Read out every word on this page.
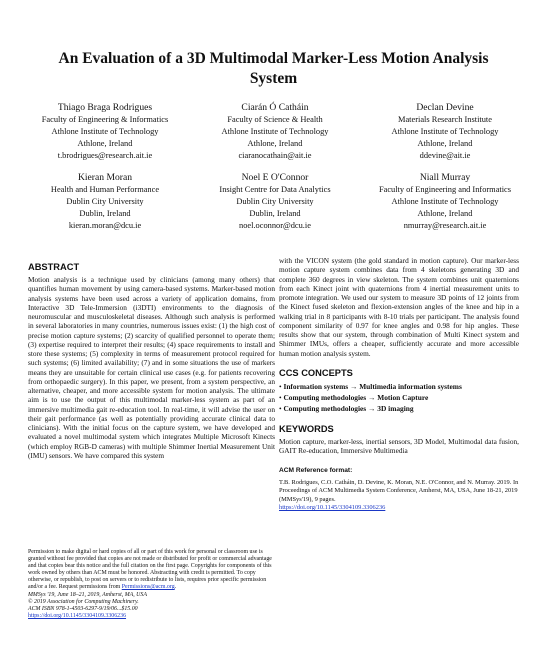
An Evaluation of a 3D Multimodal Marker-Less Motion Analysis
System
Thiago Braga Rodrigues
Faculty of Engineering & Informatics
Athlone Institute of Technology
Athlone, Ireland
t.brodrigues@research.ait.ie
Ciarán Ó Catháin
Faculty of Science & Health
Athlone Institute of Technology
Athlone, Ireland
ciaranocathain@ait.ie
Declan Devine
Materials Research Institute
Athlone Institute of Technology
Athlone, Ireland
ddevine@ait.ie
Kieran Moran
Health and Human Performance
Dublin City University
Dublin, Ireland
kieran.moran@dcu.ie
Noel E O'Connor
Insight Centre for Data Analytics
Dublin City University
Dublin, Ireland
noel.oconnor@dcu.ie
Niall Murray
Faculty of Engineering and Informatics
Athlone Institute of Technology
Athlone, Ireland
nmurray@research.ait.ie
ABSTRACT

Motion analysis is a technique used by clinicians (among many others) that quantifies human movement by using camera-based systems. Marker-based motion analysis systems have been used across a variety of application domains, from Interactive 3D Tele-Immersion (i3DTI) environments to the diagnosis of neuromuscular and musculoskeletal diseases. Although such analysis is performed in several laboratories in many countries, numerous issues exist: (1) the high cost of precise motion capture systems; (2) scarcity of qualified personnel to operate them; (3) expertise required to interpret their results; (4) space requirements to install and store these systems; (5) complexity in terms of measurement protocol required for such systems; (6) limited availability; (7) and in some situations the use of markers means they are unsuitable for certain clinical use cases (e.g. for patients recovering from orthopaedic surgery). In this paper, we present, from a system perspective, an alternative, cheaper, and more accessible system for motion analysis. The ultimate aim is to use the output of this multimodal marker-less system as part of an immersive multimedia gait re-education tool. In real-time, it will advise the user on their gait performance (as well as potentially providing accurate clinical data to clinicians). With the initial focus on the capture system, we have developed and evaluated a novel multimodal system which integrates Multiple Microsoft Kinects (which employ RGB-D cameras) with multiple Shimmer Inertial Measurement Unit (IMU) sensors. We have compared this system

Permission to make digital or hard copies of all or part of this work for personal or classroom use is granted without fee provided that copies are not made or distributed for profit or commercial advantage and that copies bear this notice and the full citation on the first page. Copyrights for components of this work owned by others than ACM must be honored. Abstracting with credit is permitted. To copy otherwise, or republish, to post on servers or to redistribute to lists, requires prior specific permission and/or a fee. Request permissions from Permissions@acm.org.
MMSys '19, June 18–21, 2019, Amherst, MA, USA
© 2019 Association for Computing Machinery.
ACM ISBN 978-1-4503-6297-9/19/06...$15.00
https://doi.org/10.1145/3304109.3306236

with the VICON system (the gold standard in motion capture). Our marker-less motion capture system combines data from 4 skeletons generating 3D and complete 360 degrees in view skeleton. The system combines unit quaternions from each Kinect joint with quaternions from 4 inertial measurement units to promote integration. We used our system to measure 3D points of 12 joints from the Kinect fused skeleton and flexion-extension angles of the knee and hip in a walking trial in 8 participants with 8-10 trials per participant. The analysis found component similarity of 0.97 for knee angles and 0.98 for hip angles. These results show that our system, through combination of Multi Kinect system and Shimmer IMUs, offers a cheaper, sufficiently accurate and more accessible human motion analysis system.

CCS CONCEPTS
• Information systems → Multimedia information systems
• Computing methodologies → Motion Capture
• Computing methodologies → 3D imaging
KEYWORDS

Motion capture, marker-less, inertial sensors, 3D Model, Multimodal data fusion, GAIT Re-education, Immersive Multimedia

ACM Reference format:
T.B. Rodrigues, C.O. Catháin, D. Devine, K. Moran, N.E. O'Connor, and N. Murray. 2019. In Proceedings of ACM Multimedia System Conference, Amherst, MA, USA, June 18-21, 2019 (MMSys'19), 9 pages.
https://doi.org/10.1145/3304109.3306236
